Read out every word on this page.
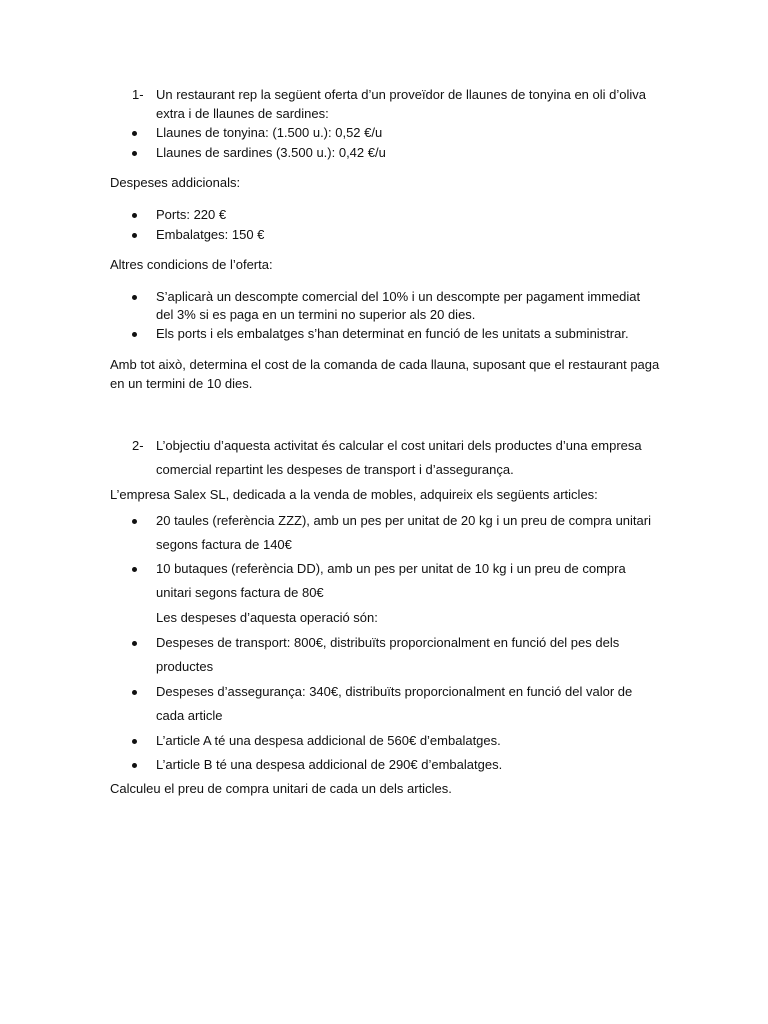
1- Un restaurant rep la següent oferta d’un proveïdor de llaunes de tonyina en oli d’oliva
extra i de llaunes de sardines:
Llaunes de tonyina: (1.500 u.): 0,52 €/u
Llaunes de sardines (3.500 u.): 0,42 €/u
Despeses addicionals:
Ports: 220 €
Embalatges: 150 €
Altres condicions de l’oferta:
S’aplicarà un descompte comercial del 10% i un descompte per pagament immediat
del 3% si es paga en un termini no superior als 20 dies.
Els ports i els embalatges s’han determinat en funció de les unitats a subministrar.
Amb tot això, determina el cost de la comanda de cada llauna, suposant que el restaurant paga
en un termini de 10 dies.
2- L’objectiu d’aquesta activitat és calcular el cost unitari dels productes d’una empresa
comercial repartint les despeses de transport i d’assegurança.
L’empresa Salex SL, dedicada a la venda de mobles, adquireix els següents articles:
20 taules (referència ZZZ), amb un pes per unitat de 20 kg i un preu de compra unitari
segons factura de 140€
10 butaques (referència DD), amb un pes per unitat de 10 kg i un preu de compra
unitari segons factura de 80€
Les despeses d’aquesta operació són:
Despeses de transport: 800€, distribuïts proporcionalment en funció del pes dels
productes
Despeses d’assegurança: 340€, distribuïts proporcionalment en funció del valor de
cada article
L’article A té una despesa addicional de 560€ d’embalatges.
L’article B té una despesa addicional de 290€ d’embalatges.
Calculeu el preu de compra unitari de cada un dels articles.
